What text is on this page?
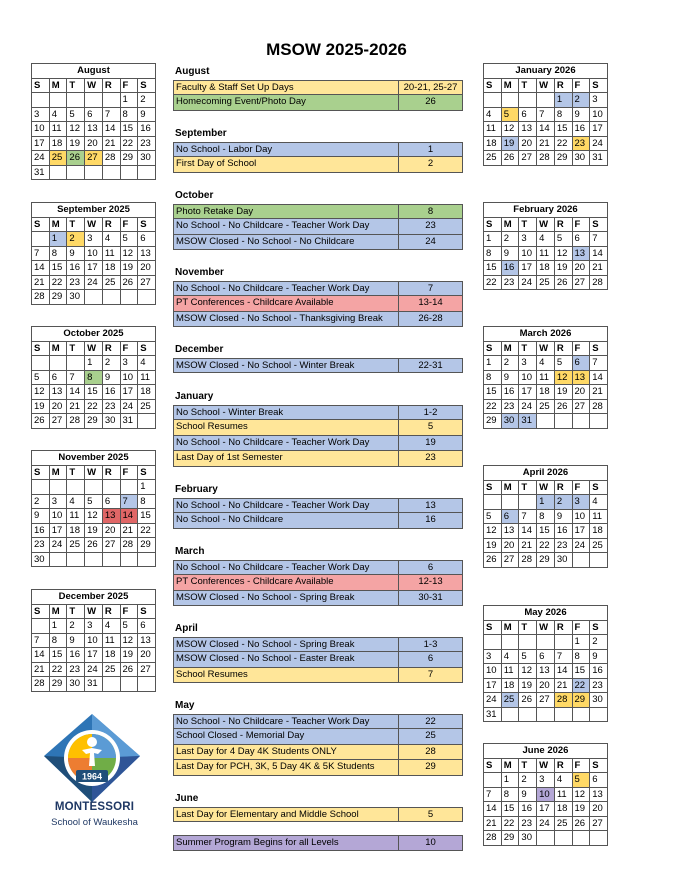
MSOW 2025-2026
August
Faculty & Staff Set Up Days	20-21, 25-27
Homecoming Event/Photo Day	26
September
No School - Labor Day	1
First Day of School	2
October
Photo Retake Day	8
No School - No Childcare - Teacher Work Day	23
MSOW Closed - No School - No Childcare	24
November
No School - No Childcare - Teacher Work Day	7
PT Conferences - Childcare Available	13-14
MSOW Closed - No School - Thanksgiving Break	26-28
December
MSOW Closed - No School - Winter Break	22-31
January
No School - Winter Break	1-2
School Resumes	5
No School - No Childcare - Teacher Work Day	19
Last Day of 1st Semester	23
February
No School - No Childcare - Teacher Work Day	13
No School - No Childcare	16
March
No School - No Childcare - Teacher Work Day	6
PT Conferences - Childcare Available	12-13
MSOW Closed - No School - Spring Break	30-31
April
MSOW Closed - No School - Spring Break	1-3
MSOW Closed - No School - Easter Break	6
School Resumes	7
May
No School - No Childcare - Teacher Work Day	22
School Closed - Memorial Day	25
Last Day for 4 Day 4K Students ONLY	28
Last Day for PCH, 3K, 5 Day 4K & 5K Students	29
June
Last Day for Elementary and Middle School	5
Summer Program Begins for all Levels	10
1964
MONTESSORI
School of Waukesha
August						
S	M	T	W	R	F	S
					1	2
3	4	5	6	7	8	9
10	11	12	13	14	15	16
17	18	19	20	21	22	23
24	25	26	27	28	29	30
31						
September 2025						
S	M	T	W	R	F	S
	1	2	3	4	5	6
7	8	9	10	11	12	13
14	15	16	17	18	19	20
21	22	23	24	25	26	27
28	29	30				
October 2025						
S	M	T	W	R	F	S
			1	2	3	4
5	6	7	8	9	10	11
12	13	14	15	16	17	18
19	20	21	22	23	24	25
26	27	28	29	30	31	
November 2025						
S	M	T	W	R	F	S
						1
2	3	4	5	6	7	8
9	10	11	12	13	14	15
16	17	18	19	20	21	22
23	24	25	26	27	28	29
30						
December 2025						
S	M	T	W	R	F	S
	1	2	3	4	5	6
7	8	9	10	11	12	13
14	15	16	17	18	19	20
21	22	23	24	25	26	27
28	29	30	31			
January 2026						
S	M	T	W	R	F	S
				1	2	3
4	5	6	7	8	9	10
11	12	13	14	15	16	17
18	19	20	21	22	23	24
25	26	27	28	29	30	31
February 2026						
S	M	T	W	R	F	S
1	2	3	4	5	6	7
8	9	10	11	12	13	14
15	16	17	18	19	20	21
22	23	24	25	26	27	28
March 2026						
S	M	T	W	R	F	S
1	2	3	4	5	6	7
8	9	10	11	12	13	14
15	16	17	18	19	20	21
22	23	24	25	26	27	28
29	30	31				
April 2026						
S	M	T	W	R	F	S
			1	2	3	4
5	6	7	8	9	10	11
12	13	14	15	16	17	18
19	20	21	22	23	24	25
26	27	28	29	30		
May 2026						
S	M	T	W	R	F	S
					1	2
3	4	5	6	7	8	9
10	11	12	13	14	15	16
17	18	19	20	21	22	23
24	25	26	27	28	29	30
31						
June 2026						
S	M	T	W	R	F	S
	1	2	3	4	5	6
7	8	9	10	11	12	13
14	15	16	17	18	19	20
21	22	23	24	25	26	27
28	29	30				
